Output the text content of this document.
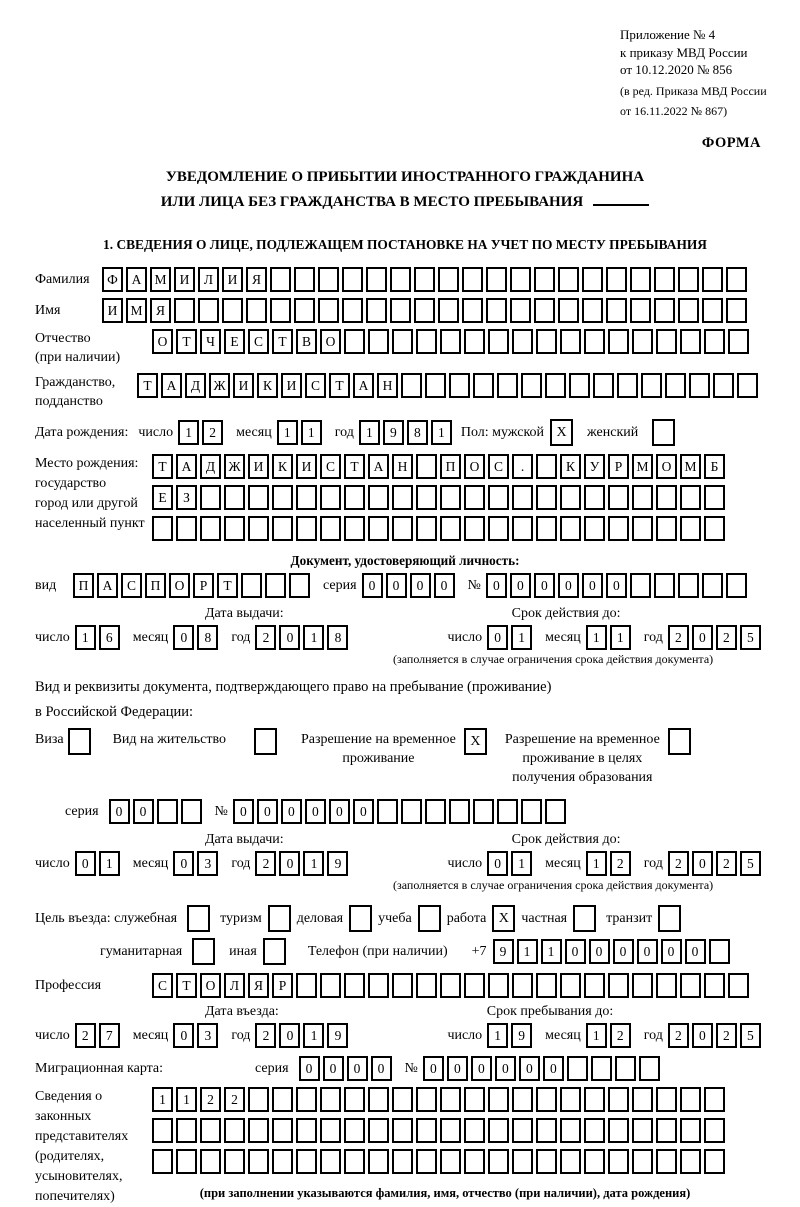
Приложение № 4
к приказу МВД России
от 10.12.2020 № 856
(в ред. Приказа МВД России
от 16.11.2022 № 867)
ФОРМА
УВЕДОМЛЕНИЕ О ПРИБЫТИИ ИНОСТРАННОГО ГРАЖДАНИНА
ИЛИ ЛИЦА БЕЗ ГРАЖДАНСТВА В МЕСТО ПРЕБЫВАНИЯ
1. СВЕДЕНИЯ О ЛИЦЕ, ПОДЛЕЖАЩЕМ ПОСТАНОВКЕ НА УЧЕТ ПО МЕСТУ ПРЕБЫВАНИЯ
Фамилия	Ф	А М И	Л	И	Я
Имя	И М Я
Отчество
(при наличии)
О	Т	Ч	Е	С	Т	В	О
Гражданство,
подданство
Т	А	Д Ж И	К	И	С	Т	А	Н
Дата рождения: число 1	2	месяц 1	1	год 1	9	8	1	Пол: мужской X	женский
Место рождения:
государство
город или другой
населенный пункт
Т	А	Д Ж И	К	И	С	Т	А	Н	П	О	С	.	К	У	Р	М О М	Б
Е	З
Документ, удостоверяющий личность:
вид	П	А	С	П	О	Р	Т	серия 0	0	0	0	№ 0	0	0	0	0	0
Дата выдачи:	Срок действия до:
число 1	6	месяц 0	8	год 2	0	1	8	число 0	1	месяц 1	1	год 2	0	2	5
(заполняется в случае ограничения срока действия документа)
Вид и реквизиты документа, подтверждающего право на пребывание (проживание)
в Российской Федерации:
Виза	Вид на жительство	Разрешение на временное
проживание
X	Разрешение на временное
проживание в целях
получения образования
серия	0	0	№ 0	0	0	0	0	0
Дата выдачи:	Срок действия до:
число 0	1	месяц 0	3	год 2	0	1	9	число 0	1	месяц 1	2	год 2	0	2	5
(заполняется в случае ограничения срока действия документа)
Цель въезда: служебная	туризм	деловая	учеба	работа X частная	транзит
гуманитарная	иная	Телефон (при наличии) +7 9	1	1	0	0	0	0	0	0
Профессия	С	Т	О	Л	Я	Р
Дата въезда:	Срок пребывания до:
число 2	7	месяц 0	3	год 2	0	1	9	число 1	9	месяц 1	2	год 2	0	2	5
Миграционная карта:	серия	0	0	0	0	№ 0	0	0	0	0	0
Сведения о
законных
представителях
(родителях,
усыновителях,
попечителях)
1	1	2	2
(при заполнении указываются фамилия, имя, отчество (при наличии), дата рождения)
